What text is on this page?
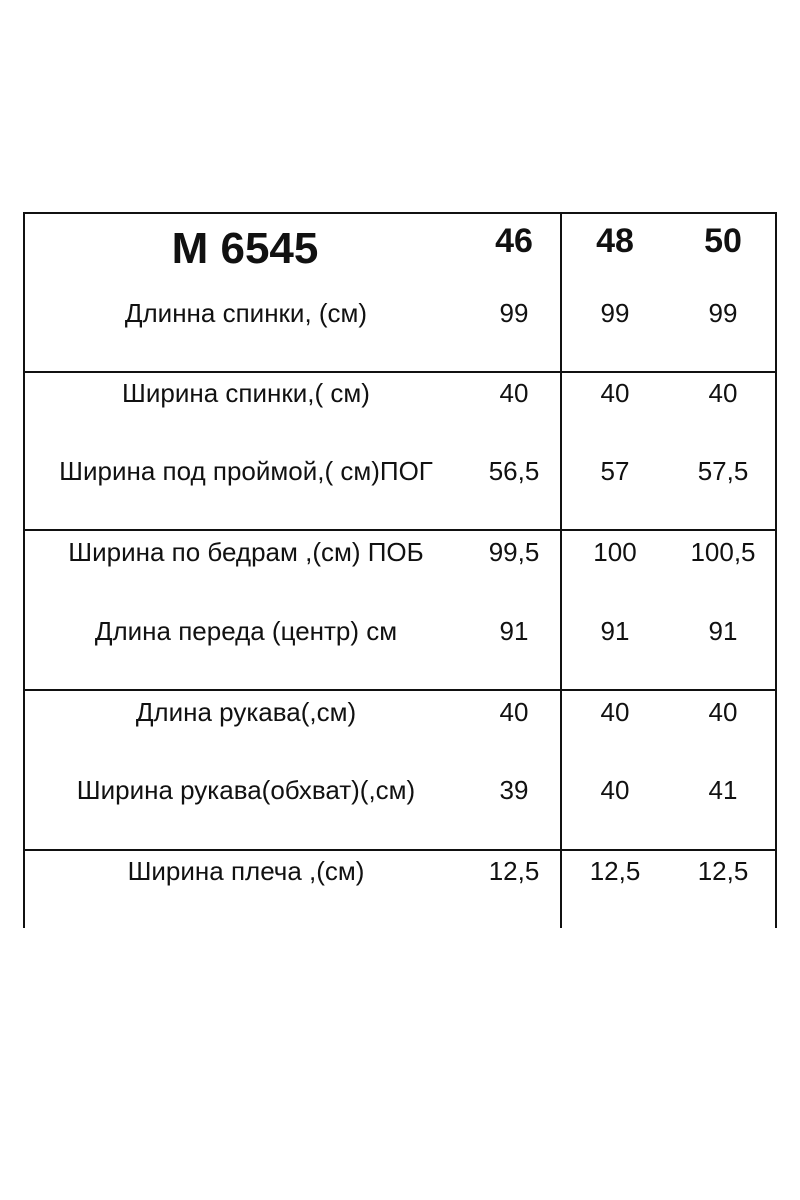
М 6545	46	48	50
Длинна спинки, (см)	99	99	99
Ширина спинки,( см)	40	40	40
Ширина под проймой,( см)ПОГ	56,5	57	57,5
Ширина по бедрам ,(см) ПОБ	99,5	100	100,5
Длина переда (центр) см	91	91	91
Длина рукава(,см)	40	40	40
Ширина рукава(обхват)(,см)	39	40	41
Ширина плеча ,(см)	12,5	12,5	12,5
